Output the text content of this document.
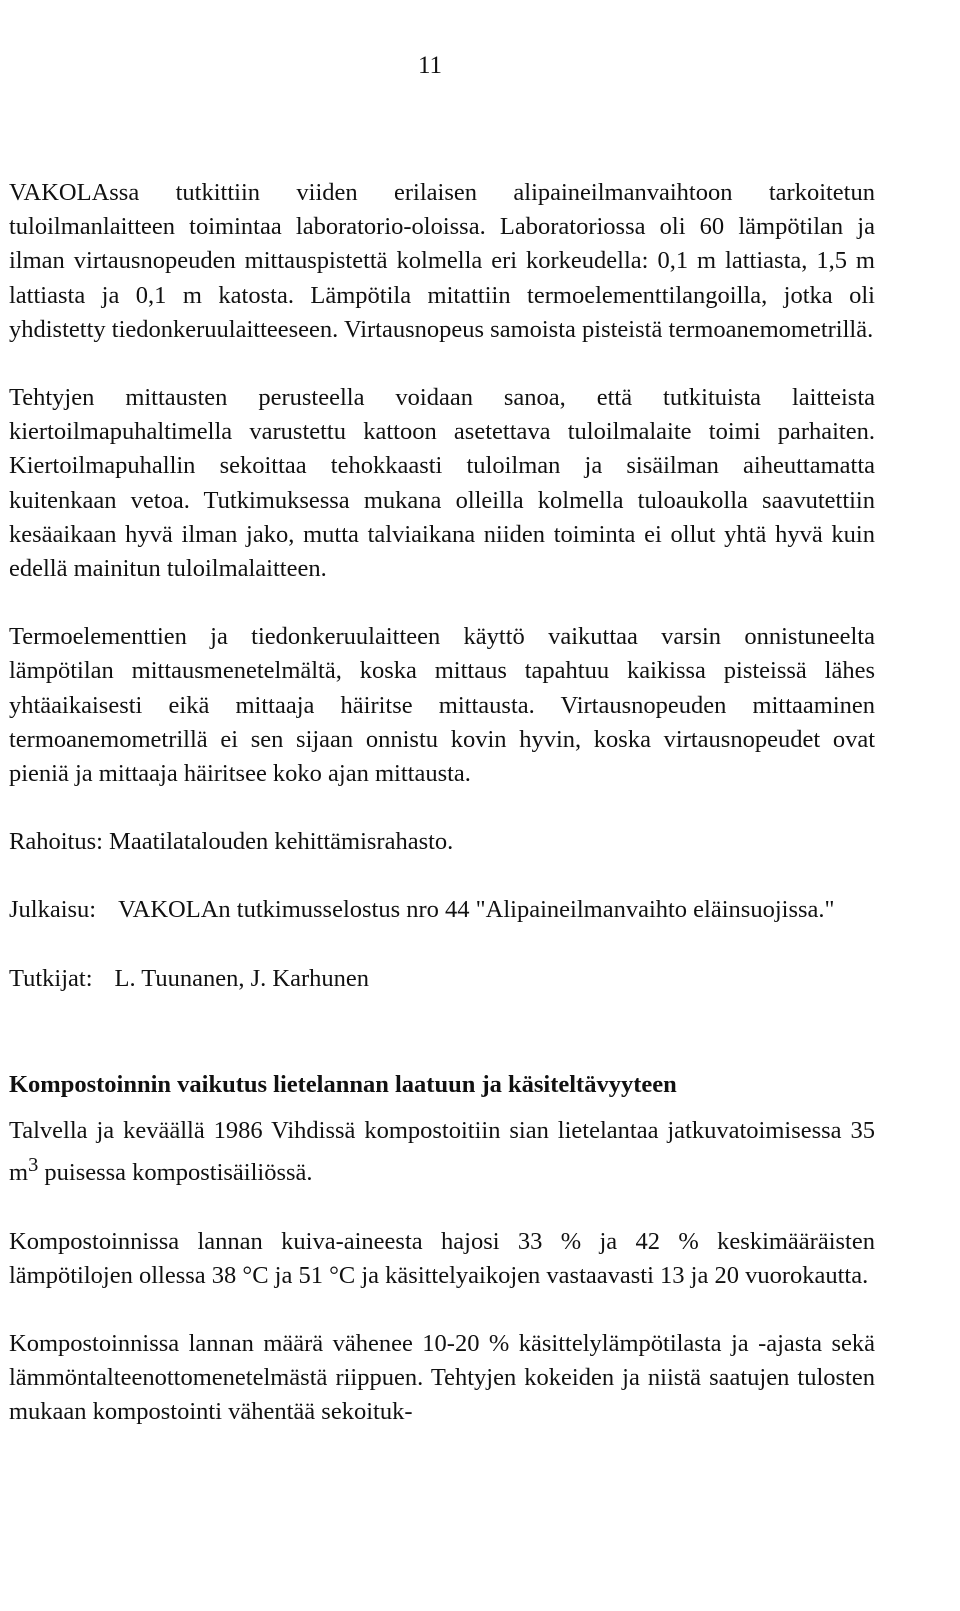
11

VAKOLAssa tutkittiin viiden erilaisen alipaineilmanvaihtoon tarkoitetun tuloilmanlaitteen toimintaa laboratorio-oloissa. Laboratoriossa oli 60 lämpötilan ja ilman virtausnopeuden mittauspistettä kolmella eri korkeudella: 0,1 m lattiasta, 1,5 m lattiasta ja 0,1 m katosta. Lämpötila mitattiin termoelementtilangoilla, jotka oli yhdistetty tiedonkeruulaitteeseen. Virtausnopeus samoista pisteistä termoanemometrillä.

Tehtyjen mittausten perusteella voidaan sanoa, että tutkituista laitteista kiertoilmapuhaltimella varustettu kattoon asetettava tuloilmalaite toimi parhaiten. Kiertoilmapuhallin sekoittaa tehokkaasti tuloilman ja sisäilman aiheuttamatta kuitenkaan vetoa. Tutkimuksessa mukana olleilla kolmella tuloaukolla saavutettiin kesäaikaan hyvä ilman jako, mutta talviaikana niiden toiminta ei ollut yhtä hyvä kuin edellä mainitun tuloilmalaitteen.

Termoelementtien ja tiedonkeruulaitteen käyttö vaikuttaa varsin onnistuneelta lämpötilan mittausmenetelmältä, koska mittaus tapahtuu kaikissa pisteissä lähes yhtäaikaisesti eikä mittaaja häiritse mittausta. Virtausnopeuden mittaaminen termoanemometrillä ei sen sijaan onnistu kovin hyvin, koska virtausnopeudet ovat pieniä ja mittaaja häiritsee koko ajan mittausta.

Rahoitus: Maatilatalouden kehittämisrahasto.

Julkaisu: VAKOLAn tutkimusselostus nro 44 "Alipaineilmanvaihto eläinsuojissa."

Tutkijat: L. Tuunanen, J. Karhunen

Kompostoinnin vaikutus lietelannan laatuun ja käsiteltävyyteen

Talvella ja keväällä 1986 Vihdissä kompostoitiin sian lietelantaa jatkuvatoimisessa 35 $m^3$ puisessa kompostisäiliössä.

Kompostoinnissa lannan kuiva-aineesta hajosi 33 % ja 42 % keskimääräisten lämpötilojen ollessa 38 °C ja 51 °C ja käsittelyaikojen vastaavasti 13 ja 20 vuorokautta.

Kompostoinnissa lannan määrä vähenee 10-20 % käsittelylämpötilasta ja -ajasta sekä lämmöntalteenottomenetelmästä riippuen. Tehtyjen kokeiden ja niistä saatujen tulosten mukaan kompostointi vähentää sekoituk-
